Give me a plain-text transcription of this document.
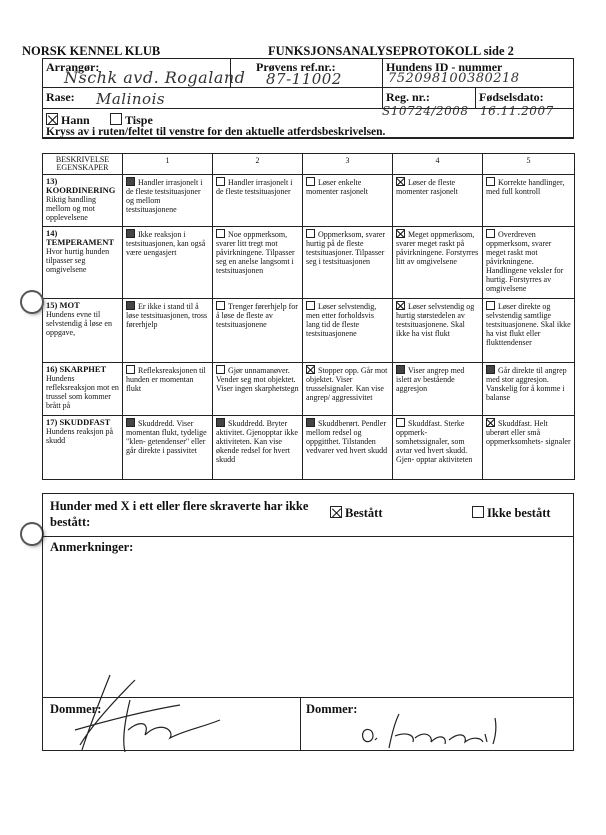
NORSK KENNEL KLUB	FUNKSJONSANALYSEPROTOKOLL side 2
Arrangør:
Nschk avd. Rogaland
Prøvens ref.nr.:
87-11002
Hundens ID - nummer
752098100380218
Rase: Malinois	Reg. nr.:
S10724/2008
Fødselsdato:
16.11.2007
Hann	Tispe
Kryss av i ruten/feltet til venstre for den aktuelle atferdsbeskrivelsen.
BESKRIVELSE EGENSKAPER	1	2	3	4	5
13) KOORDINERING
Riktig handling mellom og mot opplevelsene	Handler irrasjonelt i de fleste testsituasjoner og mellom testsituasjonene	Handler irrasjonelt i de fleste testsituasjoner	Løser enkelte momenter rasjonelt	Løser de fleste momenter rasjonelt	Korrekte handlinger, med full kontroll
14) TEMPERAMENT
Hvor hurtig hunden tilpasser seg omgivelsene	Ikke reaksjon i testsituasjonen, kan også være uengasjert	Noe oppmerksom, svarer litt tregt mot påvirkningene. Tilpasser seg en anelse langsomt i testsituasjonen	Oppmerksom, svarer hurtig på de fleste testsituasjoner. Tilpasser seg i testsituasjonen	Meget oppmerksom, svarer meget raskt på påvirkningene. Forstyrres litt av omgivelsene	Overdreven oppmerksom, svarer meget raskt mot påvirkningene. Handlingene veksler for hurtig. Forstyrres av omgivelsene
15) MOT
Hundens evne til selvstendig å løse en oppgave,	Er ikke i stand til å løse testsituasjonen, tross førerhjelp	Trenger førerhjelp for å løse de fleste av testsituasjonene	Løser selvstendig, men etter forholdsvis lang tid de fleste testsituasjonene	Løser selvstendig og hurtig størstedelen av testsituasjonene. Skal ikke ha vist flukt	Løser direkte og selvstendig samtlige testsituasjonene. Skal ikke ha vist flukt eller flukttendenser
16) SKARPHET
Hundens refleksreaksjon mot en trussel som kommer brått på	Refleksreaksjonen til hunden er momentan flukt	Gjør unnamanøver. Vender seg mot objektet. Viser ingen skarphetstegn	Stopper opp. Går mot objektet. Viser trusselsignaler. Kan vise angrep/ aggressivitet	Viser angrep med islett av bestående aggresjon	Går direkte til angrep med stor aggresjon. Vanskelig for å komme i balanse
17) SKUDDFAST
Hundens reaksjon på skudd	Skuddredd. Viser momentan flukt, tydelige "klen- getendenser" eller går direkte i passivitet	Skuddredd. Bryter aktivitet. Gjenopptar ikke aktiviteten. Kan vise økende redsel for hvert skudd	Skuddberørt. Pendler mellom redsel og oppgitthet. Tilstanden vedvarer ved hvert skudd	Skuddfast. Sterke oppmerk- somhetssignaler, som avtar ved hvert skudd. Gjen- opptar aktiviteten	Skuddfast. Helt uberørt eller små oppmerksomhets- signaler
Hunder med X i ett eller flere skraverte har ikke bestått:
Bestått	Ikke bestått
Anmerkninger:
Dommer:	Dommer:
